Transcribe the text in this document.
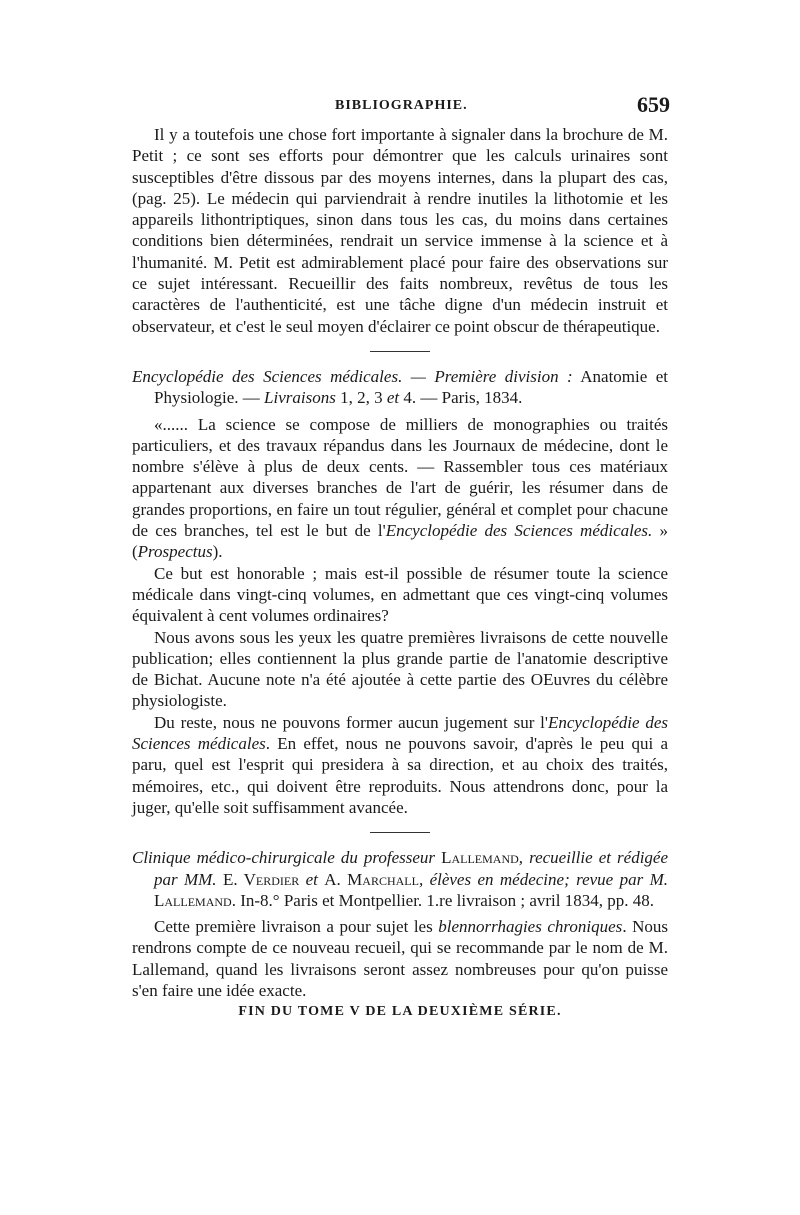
BIBLIOGRAPHIE.	659

Il y a toutefois une chose fort importante à signaler dans la brochure de M. Petit ; ce sont ses efforts pour démontrer que les calculs urinaires sont susceptibles d'être dissous par des moyens internes, dans la plupart des cas, (pag. 25). Le médecin qui parviendrait à rendre inutiles la lithotomie et les appareils lithontriptiques, sinon dans tous les cas, du moins dans certaines conditions bien déterminées, rendrait un service immense à la science et à l'humanité. M. Petit est admirablement placé pour faire des observations sur ce sujet intéressant. Recueillir des faits nombreux, revêtus de tous les caractères de l'authenticité, est une tâche digne d'un médecin instruit et observateur, et c'est le seul moyen d'éclairer ce point obscur de thérapeutique.

Encyclopédie des Sciences médicales. — Première division : Anatomie et Physiologie. — Livraisons 1, 2, 3 et 4. — Paris, 1834.

«...... La science se compose de milliers de monographies ou traités particuliers, et des travaux répandus dans les Journaux de médecine, dont le nombre s'élève à plus de deux cents. — Rassembler tous ces matériaux appartenant aux diverses branches de l'art de guérir, les résumer dans de grandes proportions, en faire un tout régulier, général et complet pour chacune de ces branches, tel est le but de l'Encyclopédie des Sciences médicales. » (Prospectus).

Ce but est honorable ; mais est-il possible de résumer toute la science médicale dans vingt-cinq volumes, en admettant que ces vingt-cinq volumes équivalent à cent volumes ordinaires?

Nous avons sous les yeux les quatre premières livraisons de cette nouvelle publication; elles contiennent la plus grande partie de l'anatomie descriptive de Bichat. Aucune note n'a été ajoutée à cette partie des OEuvres du célèbre physiologiste.

Du reste, nous ne pouvons former aucun jugement sur l'Encyclopédie des Sciences médicales. En effet, nous ne pouvons savoir, d'après le peu qui a paru, quel est l'esprit qui presidera à sa direction, et au choix des traités, mémoires, etc., qui doivent être reproduits. Nous attendrons donc, pour la juger, qu'elle soit suffisamment avancée.

Clinique médico-chirurgicale du professeur Lallemand, recueillie et rédigée par MM. E. Verdier et A. Marchall, élèves en médecine; revue par M. Lallemand. In-8.° Paris et Montpellier. 1.re livraison ; avril 1834, pp. 48.

Cette première livraison a pour sujet les blennorrhagies chroniques. Nous rendrons compte de ce nouveau recueil, qui se recommande par le nom de M. Lallemand, quand les livraisons seront assez nombreuses pour qu'on puisse s'en faire une idée exacte.

FIN DU TOME V DE LA DEUXIÈME SÉRIE.
